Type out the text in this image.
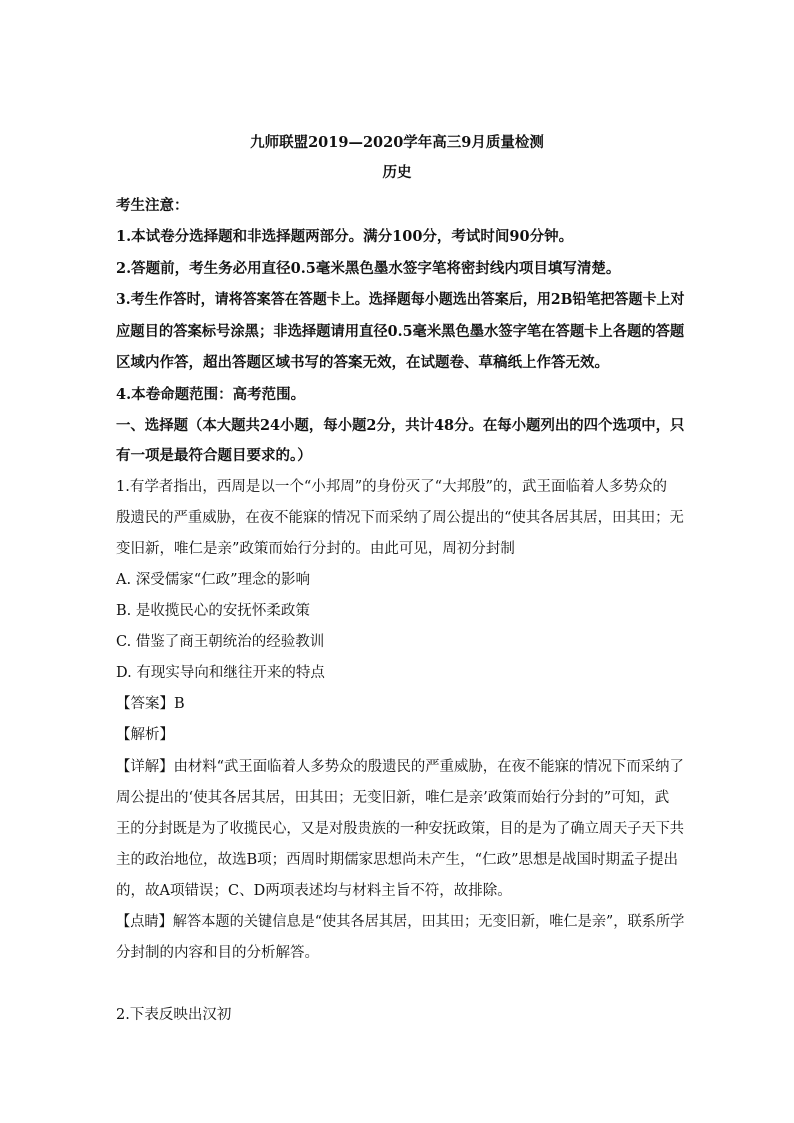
九师联盟2019—2020学年高三9月质量检测
历史
考生注意：
1.本试卷分选择题和非选择题两部分。满分100分，考试时间90分钟。
2.答题前，考生务必用直径0.5毫米黑色墨水签字笔将密封线内项目填写清楚。
3.考生作答时，请将答案答在答题卡上。选择题每小题选出答案后，用2B铅笔把答题卡上对
应题目的答案标号涂黑；非选择题请用直径0.5毫米黑色墨水签字笔在答题卡上各题的答题
区域内作答，超出答题区域书写的答案无效，在试题卷、草稿纸上作答无效。
4.本卷命题范围：高考范围。
一、选择题（本大题共24小题，每小题2分，共计48分。在每小题列出的四个选项中，只
有一项是最符合题目要求的。）
1.有学者指出，西周是以一个“小邦周”的身份灭了“大邦殷”的，武王面临着人多势众的
殷遗民的严重威胁，在夜不能寐的情况下而采纳了周公提出的“使其各居其居，田其田；无
变旧新，唯仁是亲”政策而始行分封的。由此可见，周初分封制
A. 深受儒家“仁政”理念的影响
B. 是收揽民心的安抚怀柔政策
C. 借鉴了商王朝统治的经验教训
D. 有现实导向和继往开来的特点
【答案】B
【解析】
【详解】由材料“武王面临着人多势众的殷遗民的严重威胁，在夜不能寐的情况下而采纳了
周公提出的‘使其各居其居，田其田；无变旧新，唯仁是亲’政策而始行分封的”可知，武
王的分封既是为了收揽民心，又是对殷贵族的一种安抚政策，目的是为了确立周天子天下共
主的政治地位，故选B项；西周时期儒家思想尚未产生，“仁政”思想是战国时期孟子提出
的，故A项错误；C、D两项表述均与材料主旨不符，故排除。
【点睛】解答本题的关键信息是“使其各居其居，田其田；无变旧新，唯仁是亲”，联系所学
分封制的内容和目的分析解答。
2.下表反映出汉初
